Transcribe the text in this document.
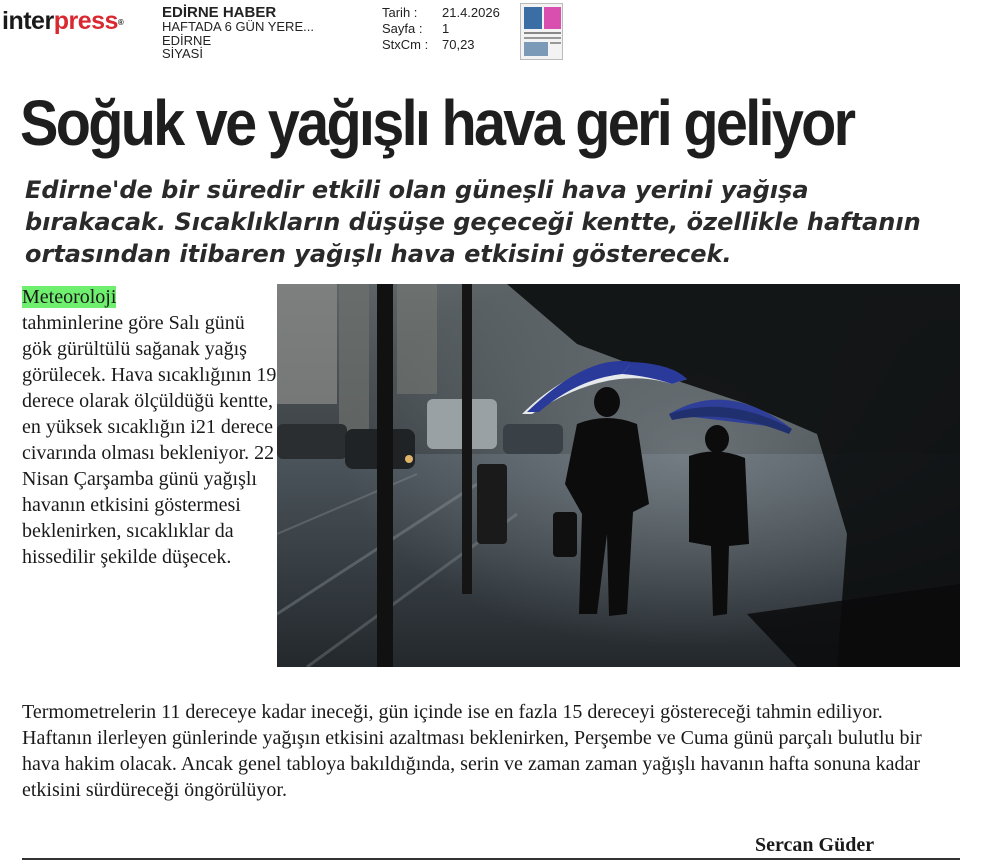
interpress®
EDİRNE HABER
HAFTADA 6 GÜN YERE...
EDİRNE
SİYASİ
Tarih :	21.4.2026
Sayfa :	1
StxCm :	70,23
Soğuk ve yağışlı hava geri geliyor
Edirne'de bir süredir etkili olan güneşli hava yerini yağışa bırakacak. Sıcaklıkların düşüşe geçeceği kentte, özellikle haftanın ortasından itibaren yağışlı hava etkisini gösterecek.
Meteoroloji
tahminlerine göre Salı günü gök gürültülü sağanak yağış görülecek. Hava sıcaklığının 19 derece olarak ölçüldüğü kentte, en yüksek sıcaklığın i21 derece civarında olması bekleniyor. 22 Nisan Çarşamba günü yağışlı havanın etkisini göstermesi beklenirken, sıcaklıklar da hissedilir şekilde düşecek.
Termometrelerin 11 dereceye kadar ineceği, gün içinde ise en fazla 15 dereceyi göstereceği tahmin ediliyor.
Haftanın ilerleyen günlerinde yağışın etkisini azaltması beklenirken, Perşembe ve Cuma günü parçalı bulutlu bir hava hakim olacak. Ancak genel tabloya bakıldığında, serin ve zaman zaman yağışlı havanın hafta sonuna kadar etkisini sürdüreceği öngörülüyor.
Sercan Güder
